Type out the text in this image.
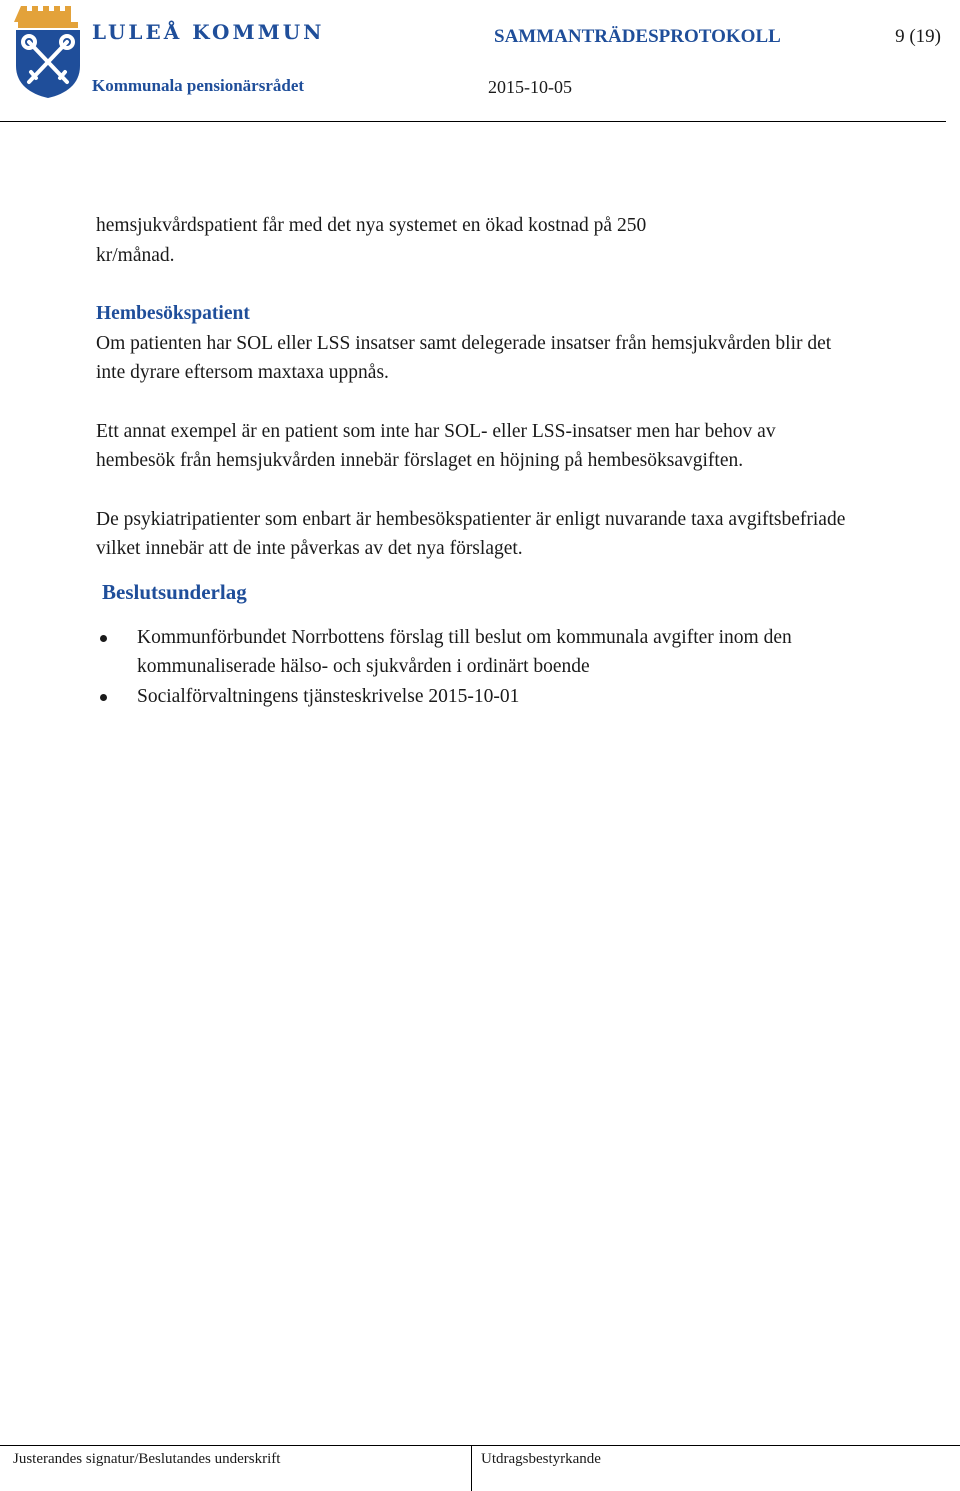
LULEÅ KOMMUN
Kommunala pensionärsrådet
SAMMANTRÄDESPROTOKOLL	9 (19)
2015-10-05

hemsjukvårdspatient får med det nya systemet en ökad kostnad på 250
kr/månad.

Hembesökspatient

Om patienten har SOL eller LSS insatser samt delegerade insatser från hemsjukvården blir det inte dyrare eftersom maxtaxa uppnås.

Ett annat exempel är en patient som inte har SOL- eller LSS-insatser men har behov av hembesök från hemsjukvården innebär förslaget en höjning på hembesöksavgiften.

De psykiatripatienter som enbart är hembesökspatienter är enligt nuvarande taxa avgiftsbefriade vilket innebär att de inte påverkas av det nya förslaget.

Beslutsunderlag
Kommunförbundet Norrbottens förslag till beslut om kommunala avgifter inom den kommunaliserade hälso- och sjukvården i ordinärt boende
Socialförvaltningens tjänsteskrivelse 2015-10-01
Justerandes signatur/Beslutandes underskrift	Utdragsbestyrkande
